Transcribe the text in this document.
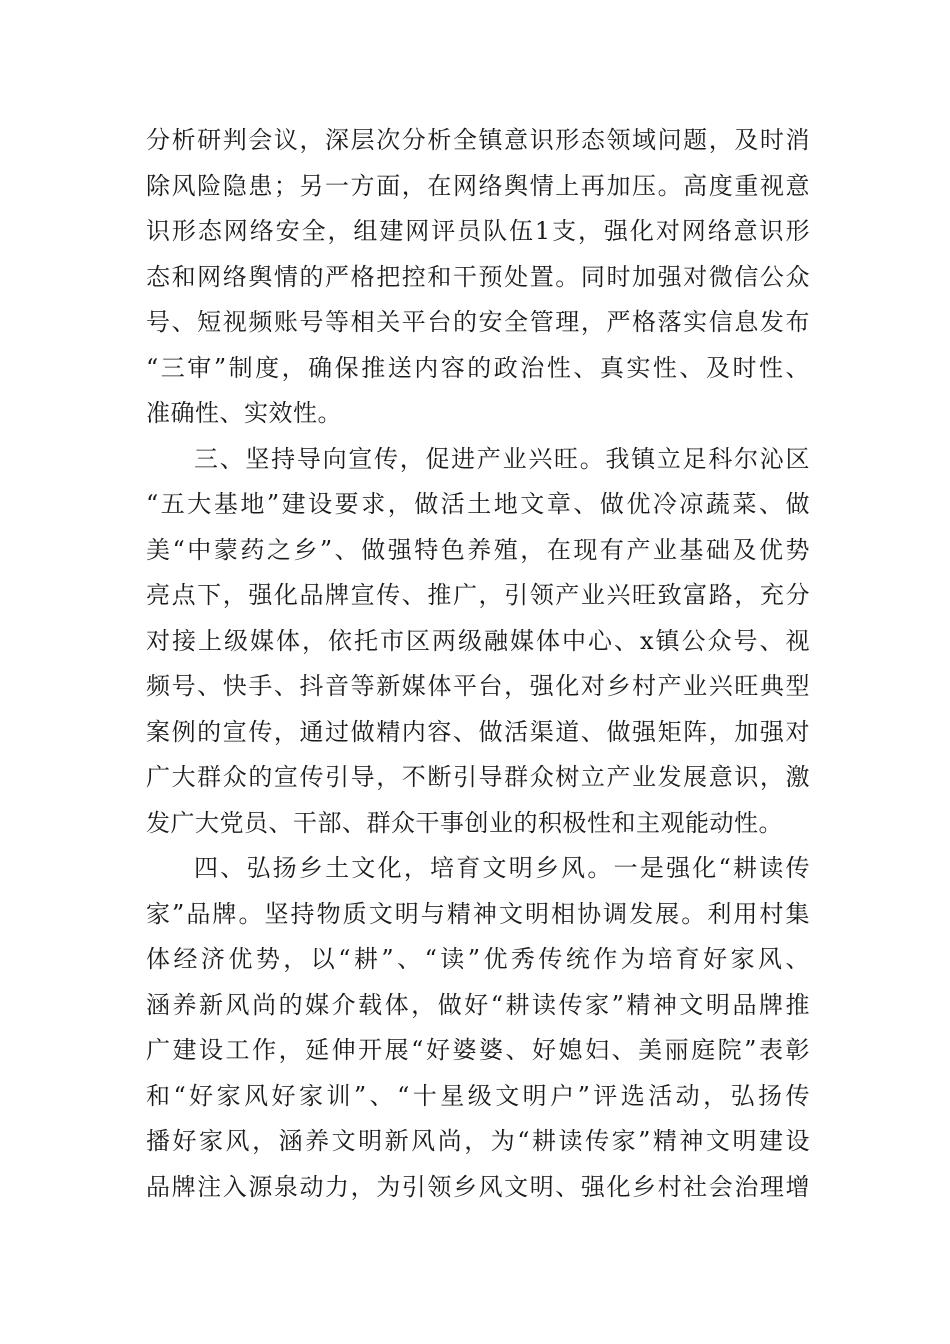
分析研判会议，深层次分析全镇意识形态领域问题，及时消
除风险隐患；另一方面，在网络舆情上再加压。高度重视意
识形态网络安全，组建网评员队伍1支，强化对网络意识形
态和网络舆情的严格把控和干预处置。同时加强对微信公众
号、短视频账号等相关平台的安全管理，严格落实信息发布
“三审”制度，确保推送内容的政治性、真实性、及时性、
准确性、实效性。
三、坚持导向宣传，促进产业兴旺。我镇立足科尔沁区
“五大基地”建设要求，做活土地文章、做优冷凉蔬菜、做
美“中蒙药之乡”、做强特色养殖，在现有产业基础及优势
亮点下，强化品牌宣传、推广，引领产业兴旺致富路，充分
对接上级媒体，依托市区两级融媒体中心、x镇公众号、视
频号、快手、抖音等新媒体平台，强化对乡村产业兴旺典型
案例的宣传，通过做精内容、做活渠道、做强矩阵，加强对
广大群众的宣传引导，不断引导群众树立产业发展意识，激
发广大党员、干部、群众干事创业的积极性和主观能动性。
四、弘扬乡土文化，培育文明乡风。一是强化“耕读传
家”品牌。坚持物质文明与精神文明相协调发展。利用村集
体经济优势，以“耕”、“读”优秀传统作为培育好家风、
涵养新风尚的媒介载体，做好“耕读传家”精神文明品牌推
广建设工作，延伸开展“好婆婆、好媳妇、美丽庭院”表彰
和“好家风好家训”、“十星级文明户”评选活动，弘扬传
播好家风，涵养文明新风尚，为“耕读传家”精神文明建设
品牌注入源泉动力，为引领乡风文明、强化乡村社会治理增
